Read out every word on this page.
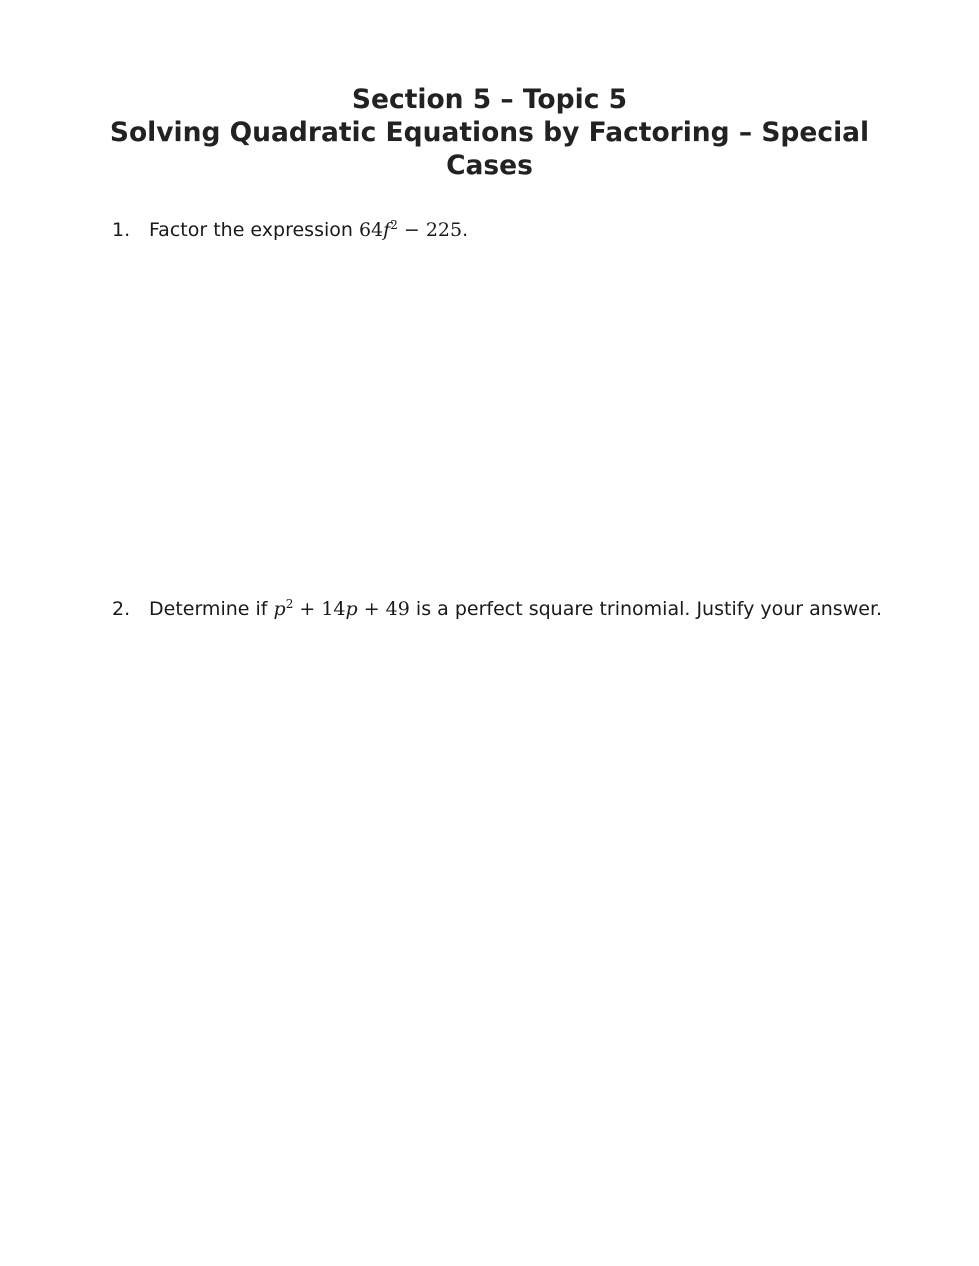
Section 5 – Topic 5
Solving Quadratic Equations by Factoring – Special
Cases
1. Factor the expression $64f^2 - 225$.
2. Determine if $p^2 + 14p + 49$ is a perfect square trinomial. Justify your answer.
